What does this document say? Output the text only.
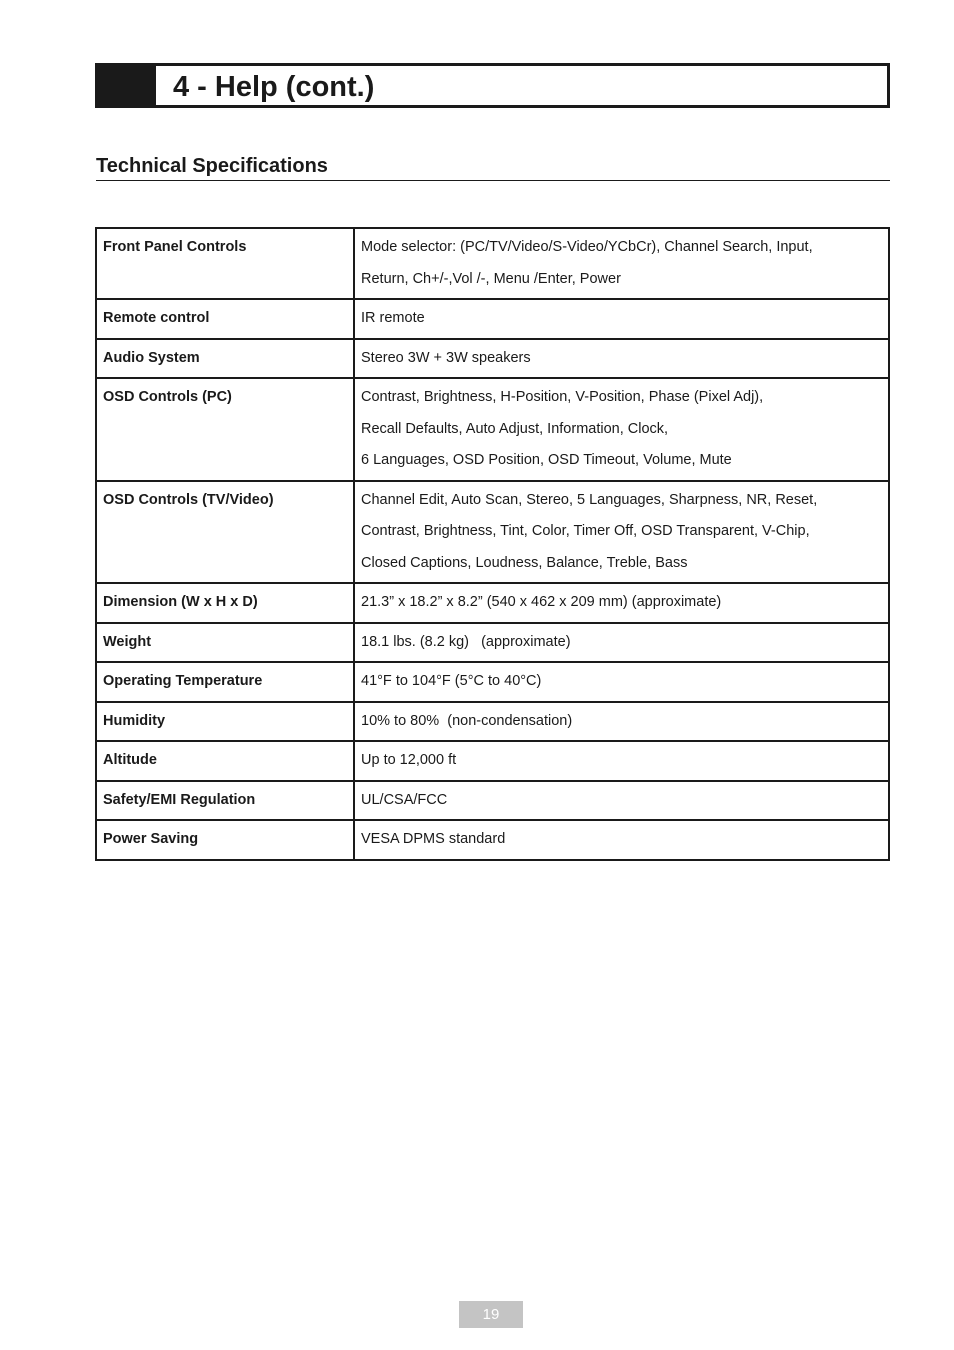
4 - Help (cont.)
Technical Specifications
Front Panel Controls	Mode selector: (PC/TV/Video/S-Video/YCbCr), Channel Search, Input,
Return, Ch+/-,Vol /-, Menu /Enter, Power

Remote control	IR remote

Audio System	Stereo 3W + 3W speakers

OSD Controls (PC)	Contrast, Brightness, H-Position, V-Position, Phase (Pixel Adj),
Recall Defaults, Auto Adjust, Information, Clock,
6 Languages, OSD Position, OSD Timeout, Volume, Mute

OSD Controls (TV/Video)	Channel Edit, Auto Scan, Stereo, 5 Languages, Sharpness, NR, Reset,
Contrast, Brightness, Tint, Color, Timer Off, OSD Transparent, V-Chip,
Closed Captions, Loudness, Balance, Treble, Bass

Dimension (W x H x D)	21.3” x 18.2” x 8.2” (540 x 462 x 209 mm) (approximate)

Weight	18.1 lbs. (8.2 kg)   (approximate)

Operating Temperature	41°F to 104°F (5°C to 40°C)

Humidity	10% to 80%  (non-condensation)

Altitude	Up to 12,000 ft

Safety/EMI Regulation	UL/CSA/FCC

Power Saving	VESA DPMS standard
19
